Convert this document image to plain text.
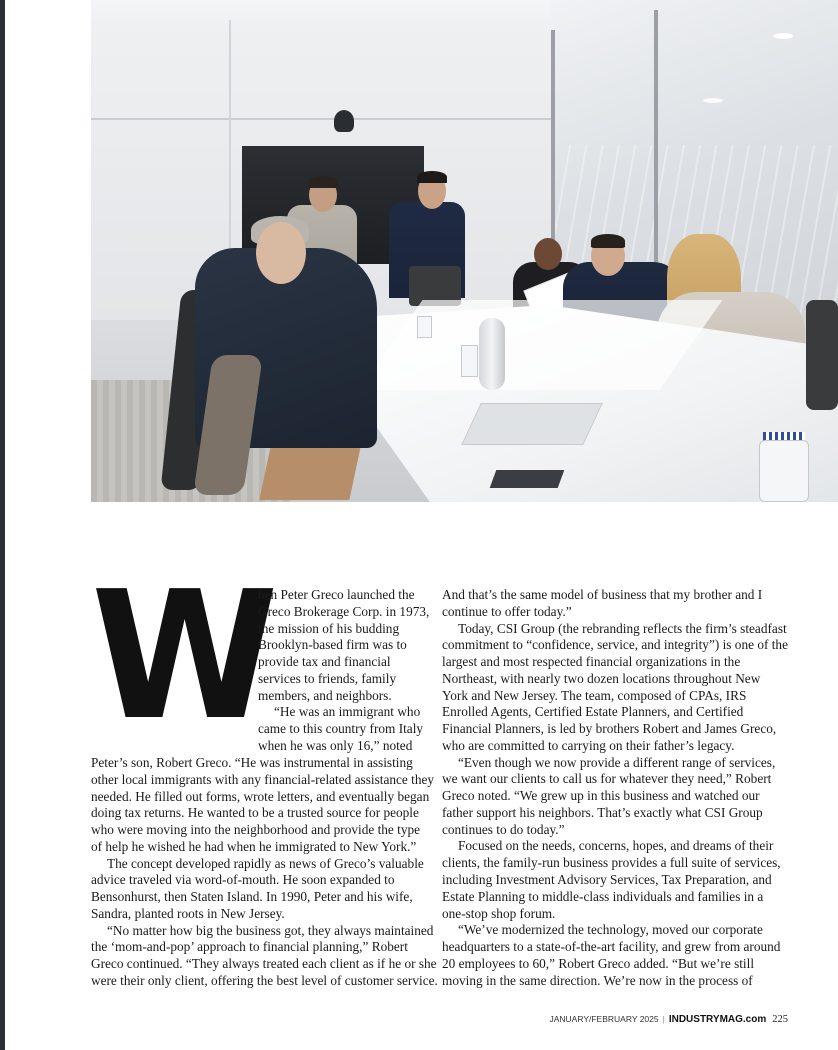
W
hen Peter Greco launched the
Greco Brokerage Corp. in 1973,
the mission of his budding
Brooklyn-based firm was to
provide tax and financial
services to friends, family
members, and neighbors.
“He was an immigrant who
came to this country from Italy
when he was only 16,” noted
Peter’s son, Robert Greco. “He was instrumental in assisting
other local immigrants with any financial-related assistance they
needed. He filled out forms, wrote letters, and eventually began
doing tax returns. He wanted to be a trusted source for people
who were moving into the neighborhood and provide the type
of help he wished he had when he immigrated to New York.”
The concept developed rapidly as news of Greco’s valuable
advice traveled via word-of-mouth. He soon expanded to
Bensonhurst, then Staten Island. In 1990, Peter and his wife,
Sandra, planted roots in New Jersey.
“No matter how big the business got, they always maintained
the ‘mom-and-pop’ approach to financial planning,” Robert
Greco continued. “They always treated each client as if he or she
were their only client, offering the best level of customer service.
And that’s the same model of business that my brother and I
continue to offer today.”
Today, CSI Group (the rebranding reflects the firm’s steadfast
commitment to “confidence, service, and integrity”) is one of the
largest and most respected financial organizations in the
Northeast, with nearly two dozen locations throughout New
York and New Jersey. The team, composed of CPAs, IRS
Enrolled Agents, Certified Estate Planners, and Certified
Financial Planners, is led by brothers Robert and James Greco,
who are committed to carrying on their father’s legacy.
“Even though we now provide a different range of services,
we want our clients to call us for whatever they need,” Robert
Greco noted. “We grew up in this business and watched our
father support his neighbors. That’s exactly what CSI Group
continues to do today.”
Focused on the needs, concerns, hopes, and dreams of their
clients, the family-run business provides a full suite of services,
including Investment Advisory Services, Tax Preparation, and
Estate Planning to middle-class individuals and families in a
one-stop shop forum.
“We’ve modernized the technology, moved our corporate
headquarters to a state-of-the-art facility, and grew from around
20 employees to 60,” Robert Greco added. “But we’re still
moving in the same direction. We’re now in the process of
JANUARY/FEBRUARY 2025 | INDUSTRYMAG.com 225
